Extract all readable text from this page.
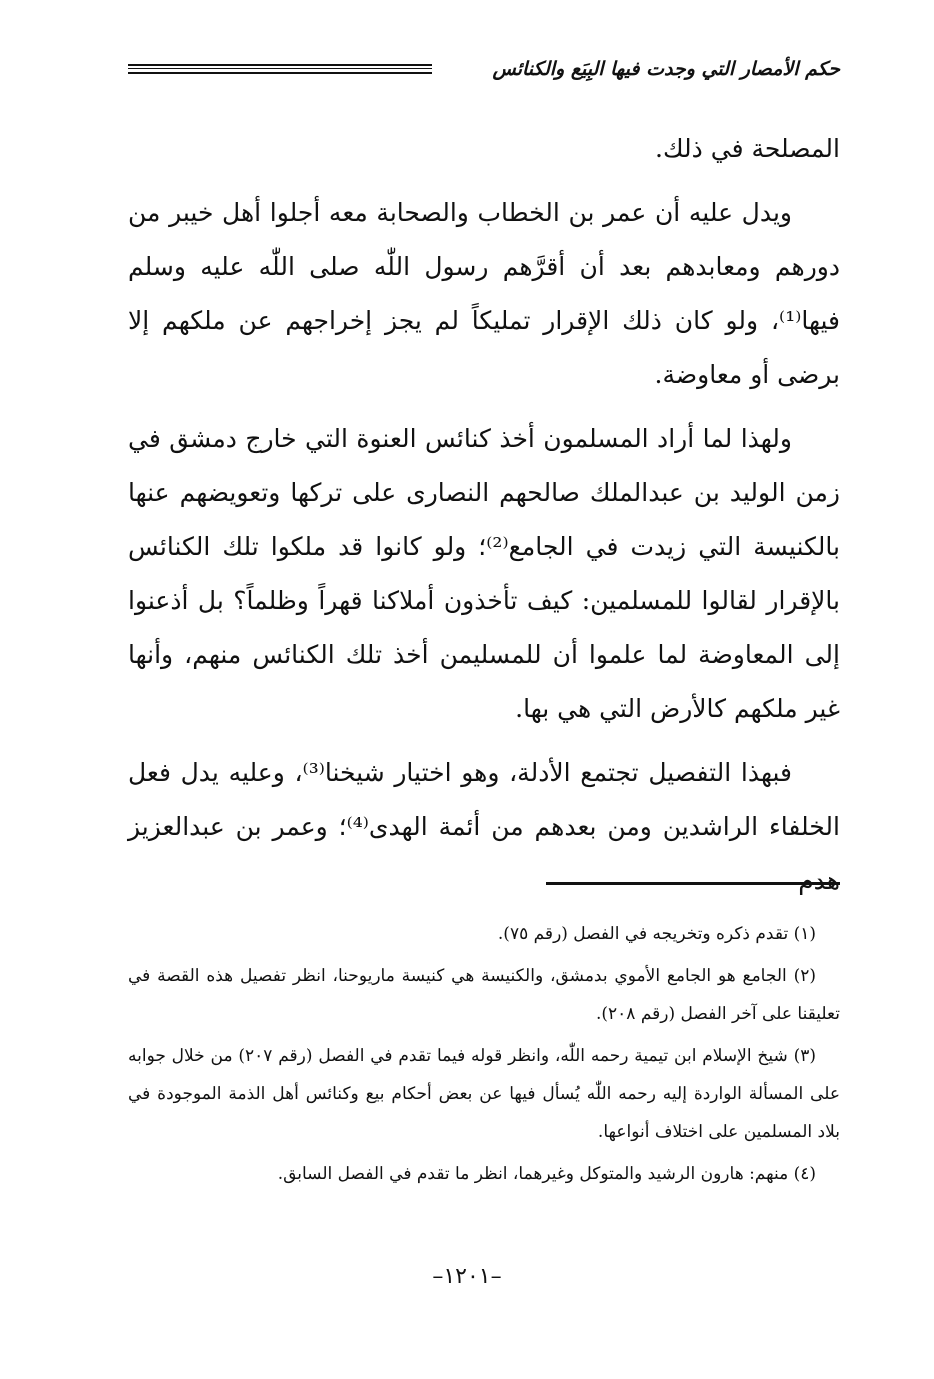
حكم الأمصار التي وجدت فيها البِيَع والكنائس

المصلحة في ذلك.

ويدل عليه أن عمر بن الخطاب والصحابة معه أجلوا أهل خيبر من دورهم ومعابدهم بعد أن أقرَّهم رسول اللّٰه صلى اللّٰه عليه وسلم فيها⁽¹⁾، ولو كان ذلك الإقرار تمليكاً لم يجز إخراجهم عن ملكهم إلا برضى أو معاوضة.

ولهذا لما أراد المسلمون أخذ كنائس العنوة التي خارج دمشق في زمن الوليد بن عبدالملك صالحهم النصارى على تركها وتعويضهم عنها بالكنيسة التي زيدت في الجامع⁽²⁾؛ ولو كانوا قد ملكوا تلك الكنائس بالإقرار لقالوا للمسلمين: كيف تأخذون أملاكنا قهراً وظلماً؟ بل أذعنوا إلى المعاوضة لما علموا أن للمسليمن أخذ تلك الكنائس منهم، وأنها غير ملكهم كالأرض التي هي بها.

فبهذا التفصيل تجتمع الأدلة، وهو اختيار شيخنا⁽³⁾، وعليه يدل فعل الخلفاء الراشدين ومن بعدهم من أئمة الهدى⁽⁴⁾؛ وعمر بن عبدالعزيز هدم

(١) تقدم ذكره وتخريجه في الفصل (رقم ٧٥).

(٢) الجامع هو الجامع الأموي بدمشق، والكنيسة هي كنيسة ماريوحنا، انظر تفصيل هذه القصة في تعليقنا على آخر الفصل (رقم ٢٠٨).

(٣) شيخ الإسلام ابن تيمية رحمه اللّٰه، وانظر قوله فيما تقدم في الفصل (رقم ٢٠٧) من خلال جوابه على المسألة الواردة إليه رحمه اللّٰه يُسأل فيها عن بعض أحكام بيع وكنائس أهل الذمة الموجودة في بلاد المسلمين على اختلاف أنواعها.

(٤) منهم: هارون الرشيد والمتوكل وغيرهما، انظر ما تقدم في الفصل السابق.

–١٢٠١–
